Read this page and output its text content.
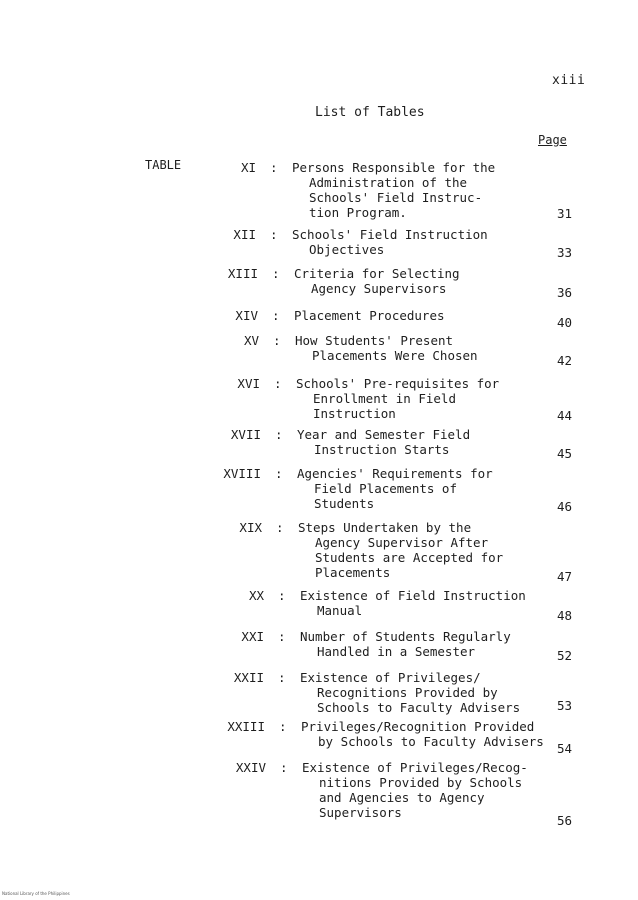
xiii
List of Tables
Page
TABLE	XI : Persons Responsible for the
Administration of the
Schools' Field Instruc-
tion Program.	31
XII : Schools' Field Instruction
Objectives	33
XIII : Criteria for Selecting
Agency Supervisors	36
XIV : Placement Procedures	40
XV : How Students' Present
Placements Were Chosen	42
XVI : Schools' Pre-requisites for
Enrollment in Field
Instruction	44
XVII : Year and Semester Field
Instruction Starts	45
XVIII : Agencies' Requirements for
Field Placements of
Students	46
XIX : Steps Undertaken by the
Agency Supervisor After
Students are Accepted for
Placements	47
XX : Existence of Field Instruction
Manual	48
XXI : Number of Students Regularly
Handled in a Semester	52
XXII : Existence of Privileges/
Recognitions Provided by
Schools to Faculty Advisers	53
XXIII : Privileges/Recognition Provided
by Schools to Faculty Advisers	54
XXIV : Existence of Privileges/Recog-
nitions Provided by Schools
and Agencies to Agency
Supervisors
56
National Library of the Philippines
